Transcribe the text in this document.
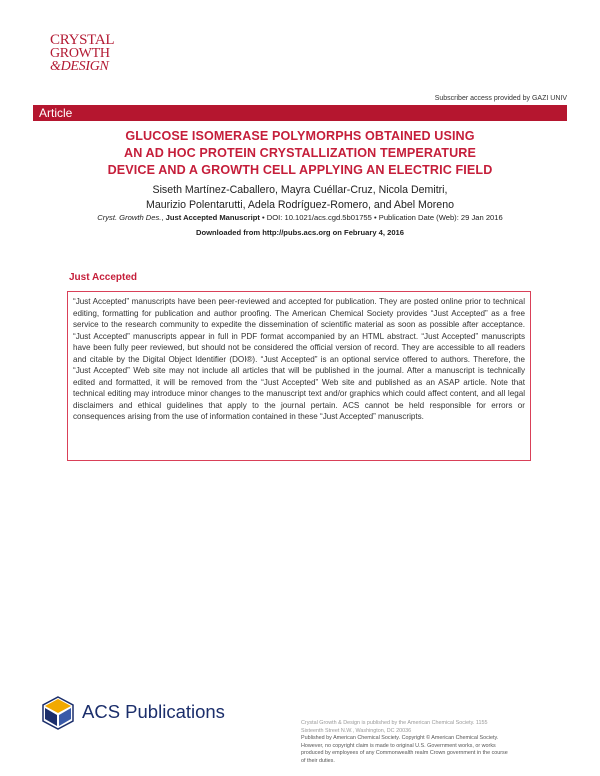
CRYSTAL
GROWTH
&DESIGN
Subscriber access provided by GAZI UNIV
Article
GLUCOSE ISOMERASE POLYMORPHS OBTAINED USING
AN AD HOC PROTEIN CRYSTALLIZATION TEMPERATURE
DEVICE AND A GROWTH CELL APPLYING AN ELECTRIC FIELD
Siseth Martínez-Caballero, Mayra Cuéllar-Cruz, Nicola Demitri,
Maurizio Polentarutti, Adela Rodríguez-Romero, and Abel Moreno
Cryst. Growth Des., Just Accepted Manuscript • DOI: 10.1021/acs.cgd.5b01755 • Publication Date (Web): 29 Jan 2016
Downloaded from http://pubs.acs.org on February 4, 2016
Just Accepted

“Just Accepted” manuscripts have been peer-reviewed and accepted for publication. They are posted online prior to technical editing, formatting for publication and author proofing. The American Chemical Society provides “Just Accepted” as a free service to the research community to expedite the dissemination of scientific material as soon as possible after acceptance. “Just Accepted” manuscripts appear in full in PDF format accompanied by an HTML abstract. “Just Accepted” manuscripts have been fully peer reviewed, but should not be considered the official version of record. They are accessible to all readers and citable by the Digital Object Identifier (DOI®). “Just Accepted” is an optional service offered to authors. Therefore, the “Just Accepted” Web site may not include all articles that will be published in the journal. After a manuscript is technically edited and formatted, it will be removed from the “Just Accepted” Web site and published as an ASAP article. Note that technical editing may introduce minor changes to the manuscript text and/or graphics which could affect content, and all legal disclaimers and ethical guidelines that apply to the journal pertain. ACS cannot be held responsible for errors or consequences arising from the use of information contained in these “Just Accepted” manuscripts.

ACS Publications
Crystal Growth & Design is published by the American Chemical Society. 1155
Sixteenth Street N.W., Washington, DC 20036
Published by American Chemical Society. Copyright © American Chemical Society.
However, no copyright claim is made to original U.S. Government works, or works
produced by employees of any Commonwealth realm Crown government in the course
of their duties.
